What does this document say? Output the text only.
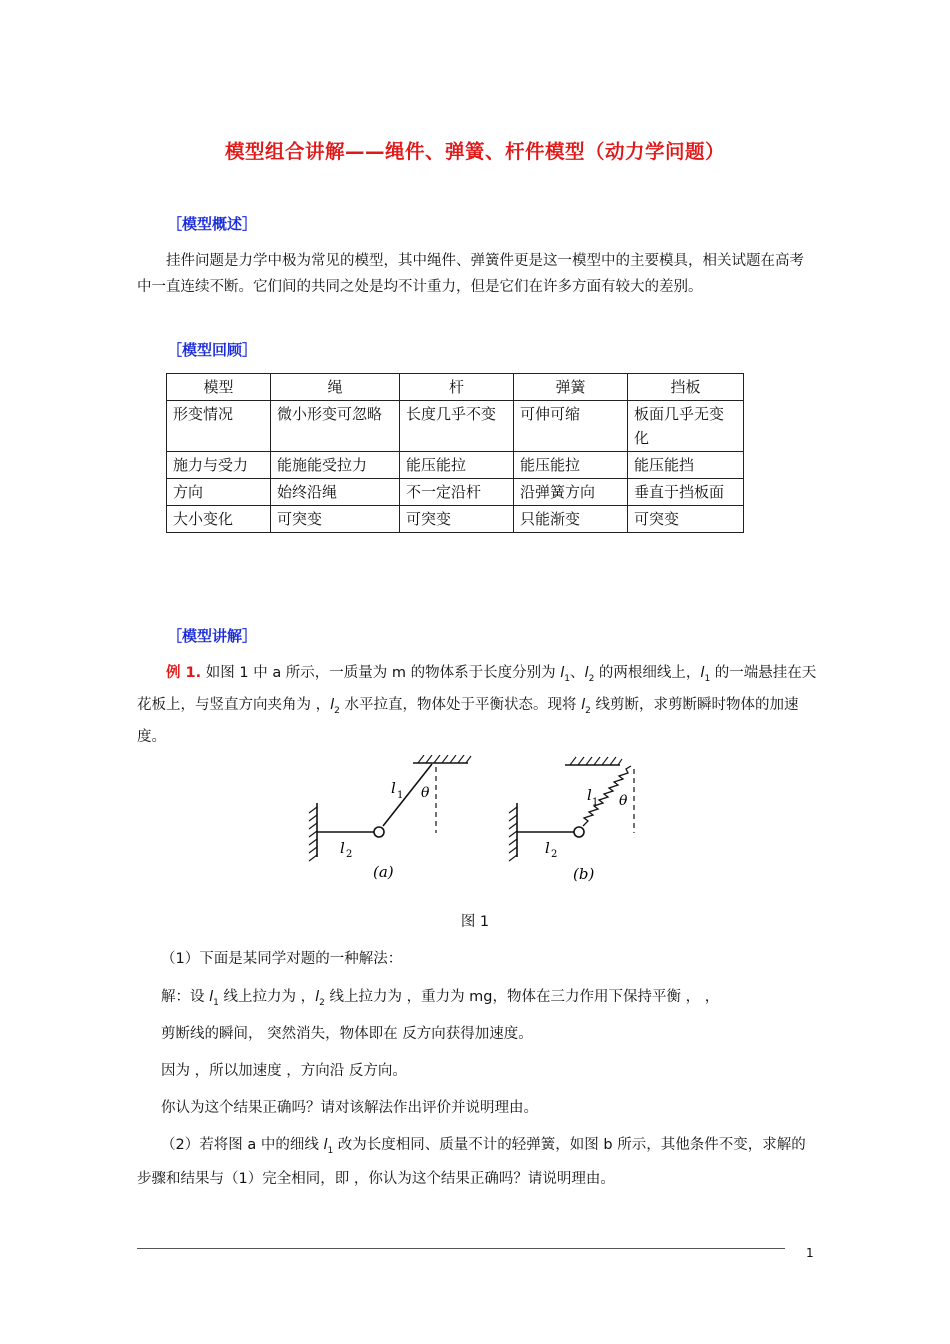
模型组合讲解——绳件、弹簧、杆件模型（动力学问题）
［模型概述］
挂件问题是力学中极为常见的模型，其中绳件、弹簧件更是这一模型中的主要模具，相关试题在高考中一直连续不断。它们间的共同之处是均不计重力，但是它们在许多方面有较大的差别。
［模型回顾］
模型	绳	杆	弹簧	挡板
形变情况	微小形变可忽略	长度几乎不变	可伸可缩	板面几乎无变化
施力与受力	能施能受拉力	能压能拉	能压能拉	能压能挡
方向	始终沿绳	不一定沿杆	沿弹簧方向	垂直于挡板面
大小变化	可突变	可突变	只能渐变	可突变
［模型讲解］
例 1. 如图 1 中 a 所示，一质量为 m 的物体系于长度分别为 $l_1$、$l_2$ 的两根细线上，$l_1$ 的一端悬挂在天花板上，与竖直方向夹角为 ，$l_2$ 水平拉直，物体处于平衡状态。现将 $l_2$ 线剪断，求剪断瞬时物体的加速度。
l 1 θ
l 2
(a)
l 1 θ
l 2
(b)
图 1
（1）下面是某同学对题的一种解法：
解：设 $l_1$ 线上拉力为 ，$l_2$ 线上拉力为 ，重力为 mg，物体在三力作用下保持平衡 ， ，
剪断线的瞬间， 突然消失，物体即在 反方向获得加速度。
因为 ，所以加速度 ，方向沿 反方向。
你认为这个结果正确吗？请对该解法作出评价并说明理由。
（2）若将图 a 中的细线 $l_1$ 改为长度相同、质量不计的轻弹簧，如图 b 所示，其他条件不变，求解的步骤和结果与（1）完全相同，即 ，你认为这个结果正确吗？请说明理由。
1
